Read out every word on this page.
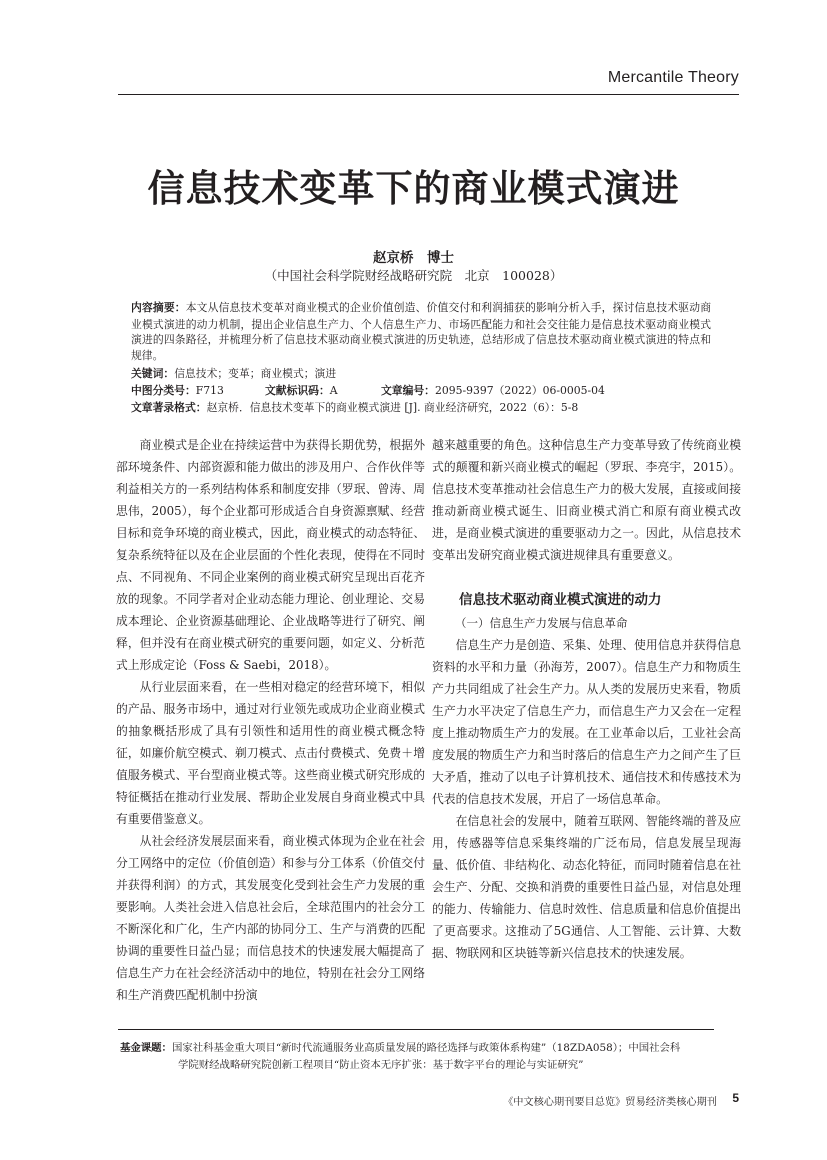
Mercantile Theory
信息技术变革下的商业模式演进
赵京桥　博士
（中国社会科学院财经战略研究院　北京　100028）
内容摘要：本文从信息技术变革对商业模式的企业价值创造、价值交付和利润捕获的影响分析入手，探讨信息技术驱动商业模式演进的动力机制，提出企业信息生产力、个人信息生产力、市场匹配能力和社会交往能力是信息技术驱动商业模式演进的四条路径，并梳理分析了信息技术驱动商业模式演进的历史轨迹，总结形成了信息技术驱动商业模式演进的特点和规律。
关键词：信息技术；变革；商业模式；演进
中图分类号：F713	文献标识码：A	文章编号：2095-9397（2022）06-0005-04
文章著录格式：赵京桥．信息技术变革下的商业模式演进 [J]. 商业经济研究，2022（6）：5-8

商业模式是企业在持续运营中为获得长期优势，根据外部环境条件、内部资源和能力做出的涉及用户、合作伙伴等利益相关方的一系列结构体系和制度安排（罗珉、曾涛、周思伟，2005），每个企业都可形成适合自身资源禀赋、经营目标和竞争环境的商业模式，因此，商业模式的动态特征、复杂系统特征以及在企业层面的个性化表现，使得在不同时点、不同视角、不同企业案例的商业模式研究呈现出百花齐放的现象。不同学者对企业动态能力理论、创业理论、交易成本理论、企业资源基础理论、企业战略等进行了研究、阐释，但并没有在商业模式研究的重要问题，如定义、分析范式上形成定论（Foss & Saebi，2018）。

从行业层面来看，在一些相对稳定的经营环境下，相似的产品、服务市场中，通过对行业领先或成功企业商业模式的抽象概括形成了具有引领性和适用性的商业模式概念特征，如廉价航空模式、剃刀模式、点击付费模式、免费＋增值服务模式、平台型商业模式等。这些商业模式研究形成的特征概括在推动行业发展、帮助企业发展自身商业模式中具有重要借鉴意义。

从社会经济发展层面来看，商业模式体现为企业在社会分工网络中的定位（价值创造）和参与分工体系（价值交付并获得利润）的方式，其发展变化受到社会生产力发展的重要影响。人类社会进入信息社会后，全球范围内的社会分工不断深化和广化，生产内部的协同分工、生产与消费的匹配协调的重要性日益凸显；而信息技术的快速发展大幅提高了信息生产力在社会经济活动中的地位，特别在社会分工网络和生产消费匹配机制中扮演

越来越重要的角色。这种信息生产力变革导致了传统商业模式的颠覆和新兴商业模式的崛起（罗珉、李亮宇，2015）。信息技术变革推动社会信息生产力的极大发展，直接或间接推动新商业模式诞生、旧商业模式消亡和原有商业模式改进，是商业模式演进的重要驱动力之一。因此，从信息技术变革出发研究商业模式演进规律具有重要意义。

信息技术驱动商业模式演进的动力
（一）信息生产力发展与信息革命

信息生产力是创造、采集、处理、使用信息并获得信息资料的水平和力量（孙海芳，2007）。信息生产力和物质生产力共同组成了社会生产力。从人类的发展历史来看，物质生产力水平决定了信息生产力，而信息生产力又会在一定程度上推动物质生产力的发展。在工业革命以后，工业社会高度发展的物质生产力和当时落后的信息生产力之间产生了巨大矛盾，推动了以电子计算机技术、通信技术和传感技术为代表的信息技术发展，开启了一场信息革命。

在信息社会的发展中，随着互联网、智能终端的普及应用，传感器等信息采集终端的广泛布局，信息发展呈现海量、低价值、非结构化、动态化特征，而同时随着信息在社会生产、分配、交换和消费的重要性日益凸显，对信息处理的能力、传输能力、信息时效性、信息质量和信息价值提出了更高要求。这推动了5G通信、人工智能、云计算、大数据、物联网和区块链等新兴信息技术的快速发展。

基金课题：国家社科基金重大项目“新时代流通服务业高质量发展的路径选择与政策体系构建”（18ZDA058）；中国社会科
学院财经战略研究院创新工程项目“防止资本无序扩张：基于数字平台的理论与实证研究”
《中文核心期刊要目总览》贸易经济类核心期刊 5
